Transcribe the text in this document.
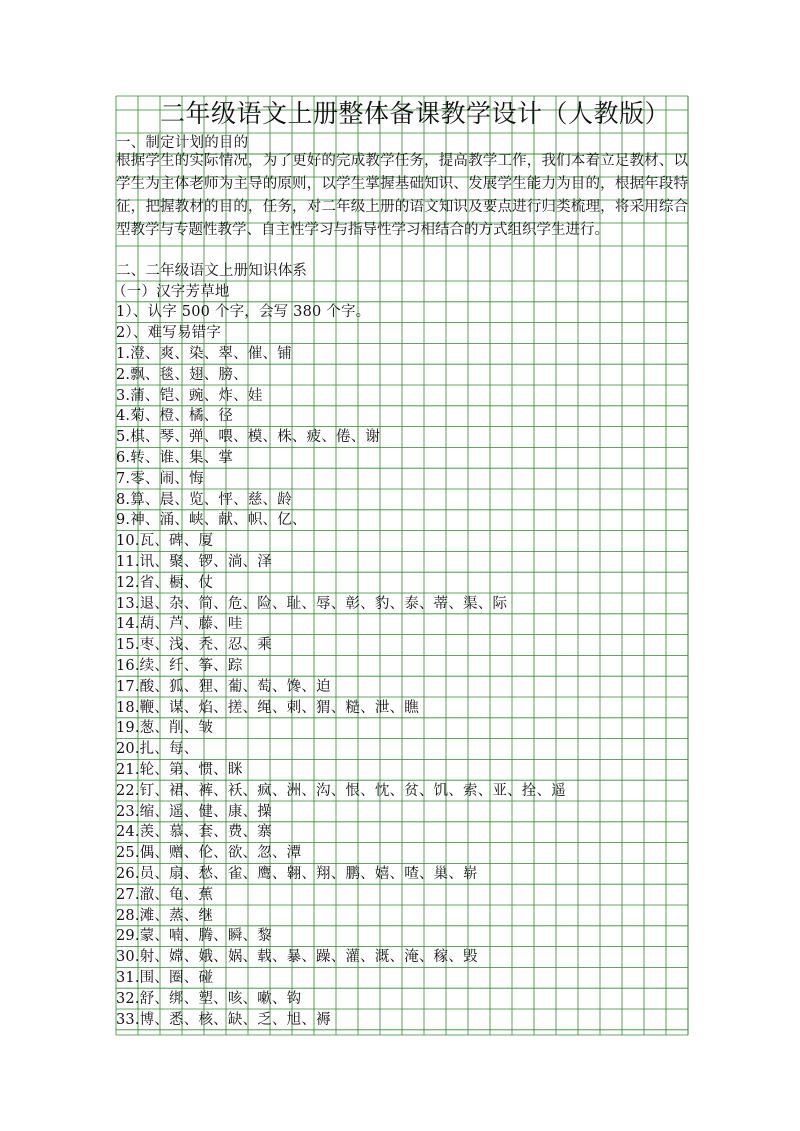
二年级语文上册整体备课教学设计（人教版）
一、制定计划的目的
根据学生的实际情况，为了更好的完成教学任务，提高教学工作，我们本着立足教材、以学生为主体老师为主导的原则，以学生掌握基础知识、发展学生能力为目的，根据年段特征，把握教材的目的，任务，对二年级上册的语文知识及要点进行归类梳理，将采用综合型教学与专题性教学、自主性学习与指导性学习相结合的方式组织学生进行。
二、二年级语文上册知识体系
（一）汉字芳草地
1）、认字 500 个字，会写 380 个字。
2）、难写易错字
1.澄、爽、染、翠、催、铺
2.飘、毯、翅、膀、
3.蒲、铠、豌、炸、娃
4.菊、橙、橘、径
5.棋、琴、弹、喂、模、株、疲、倦、谢
6.转、谁、集、掌
7.零、闹、悔
8.算、晨、览、怦、慈、龄
9.神、涌、峡、献、帜、亿、
10.瓦、碑、厦
11.讯、聚、锣、淌、泽
12.省、橱、仗
13.退、杂、简、危、险、耻、辱、彰、豹、泰、蒂、渠、际
14.葫、芦、藤、哇
15.枣、浅、秃、忍、乘
16.续、纤、筝、踪
17.酸、狐、狸、葡、萄、馋、迫
18.鞭、谋、焰、搓、绳、刺、猬、糙、泄、瞧
19.葱、削、皱
20.扎、每、
21.轮、第、惯、眯
22.钉、裙、裤、袄、疯、洲、沟、恨、忱、贫、饥、索、亚、拴、遥
23.缩、遥、健、康、操
24.羡、慕、套、费、寨
25.偶、赠、伦、欲、忽、潭
26.员、扇、愁、雀、鹰、翱、翔、鹏、嬉、喳、巢、崭
27.澈、龟、蕉
28.滩、蒸、继
29.蒙、喃、腾、瞬、黎
30.射、嫦、娥、娲、载、暴、躁、灌、溉、淹、稼、毁
31.围、圈、碰
32.舒、绑、塑、咳、嗽、钩
33.博、悉、核、缺、乏、旭、褥
